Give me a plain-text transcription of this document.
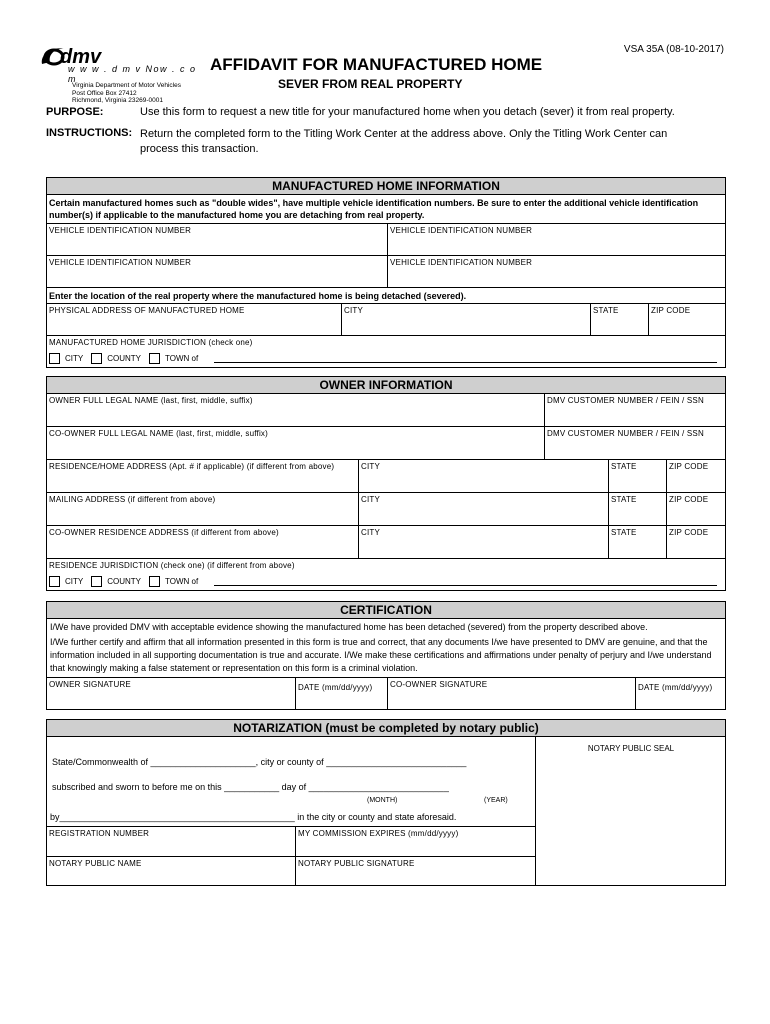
VSA 35A (08-10-2017)
dmv
w w w . d m v Now . c o m
Virginia Department of Motor Vehicles
Post Office Box 27412
Richmond, Virginia 23269-0001
AFFIDAVIT FOR MANUFACTURED HOME
SEVER FROM REAL PROPERTY
PURPOSE:	Use this form to request a new title for your manufactured home when you detach (sever) it from real property.
INSTRUCTIONS: Return the completed form to the Titling Work Center at the address above. Only the Titling Work Center can process this transaction.
MANUFACTURED HOME INFORMATION
Certain manufactured homes such as "double wides", have multiple vehicle identification numbers. Be sure to enter the additional vehicle identification number(s) if applicable to the manufactured home you are detaching from real property.
VEHICLE IDENTIFICATION NUMBER	VEHICLE IDENTIFICATION NUMBER
VEHICLE IDENTIFICATION NUMBER	VEHICLE IDENTIFICATION NUMBER
Enter the location of the real property where the manufactured home is being detached (severed).
PHYSICAL ADDRESS OF MANUFACTURED HOME	CITY	STATE	ZIP CODE
MANUFACTURED HOME JURISDICTION (check one)
CITY	COUNTY	TOWN of
OWNER INFORMATION
OWNER FULL LEGAL NAME (last, first, middle, suffix)	DMV CUSTOMER NUMBER / FEIN / SSN
CO-OWNER FULL LEGAL NAME (last, first, middle, suffix)	DMV CUSTOMER NUMBER / FEIN / SSN
RESIDENCE/HOME ADDRESS (Apt. # if applicable) (if different from above)	CITY	STATE	ZIP CODE
MAILING ADDRESS (if different from above)	CITY	STATE	ZIP CODE
CO-OWNER RESIDENCE ADDRESS (if different from above)	CITY	STATE	ZIP CODE
RESIDENCE JURISDICTION (check one) (if different from above)
CITY	COUNTY	TOWN of
CERTIFICATION
I/We have provided DMV with acceptable evidence showing the manufactured home has been detached (severed) from the property described above.
I/We further certify and affirm that all information presented in this form is true and correct, that any documents I/we have presented to DMV are genuine, and that the information included in all supporting documentation is true and accurate. I/We make these certifications and affirmations under penalty of perjury and I/we understand that knowingly making a false statement or representation on this form is a criminal violation.
OWNER SIGNATURE	DATE (mm/dd/yyyy)	CO-OWNER SIGNATURE	DATE (mm/dd/yyyy)
NOTARIZATION (must be completed by notary public)
NOTARY PUBLIC SEAL
State/Commonwealth of _____________________, city or county of ____________________________
subscribed and sworn to before me on this ___________ day of ____________________________
(MONTH)	(YEAR)
by_______________________________________________ in the city or county and state aforesaid.
REGISTRATION NUMBER	MY COMMISSION EXPIRES (mm/dd/yyyy)
NOTARY PUBLIC NAME	NOTARY PUBLIC SIGNATURE
